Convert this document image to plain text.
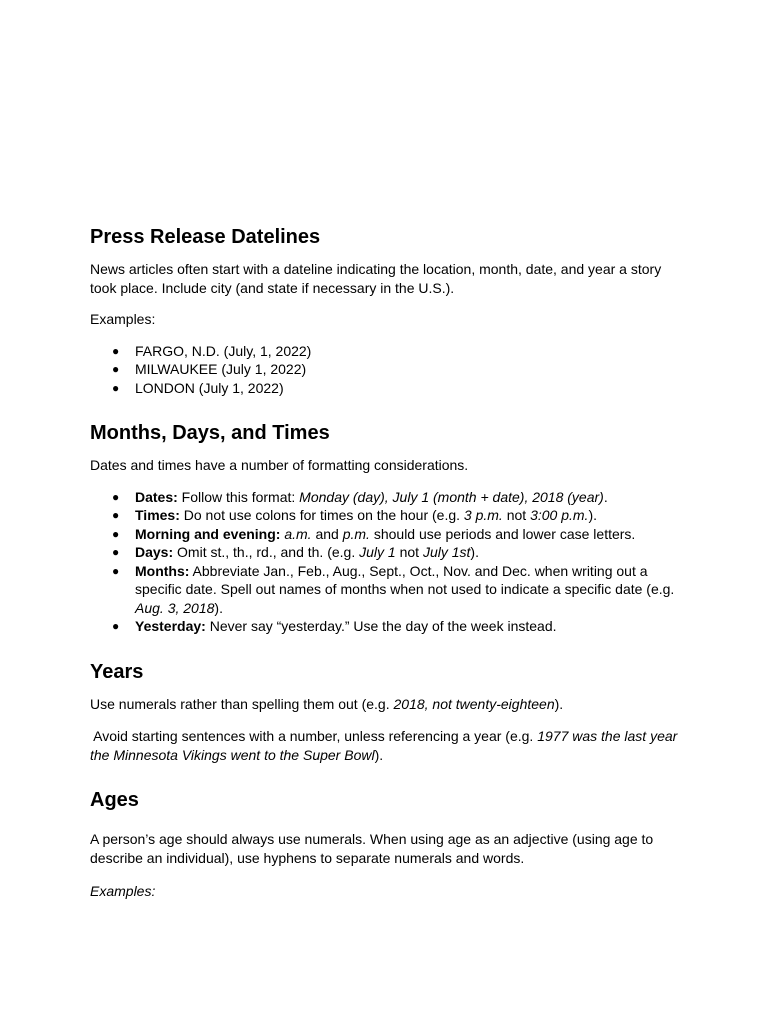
Press Release Datelines

News articles often start with a dateline indicating the location, month, date, and year a story took place. Include city (and state if necessary in the U.S.).

Examples:

● FARGO, N.D. (July, 1, 2022)
● MILWAUKEE (July 1, 2022)
● LONDON (July 1, 2022)
Months, Days, and Times

Dates and times have a number of formatting considerations.

● Dates: Follow this format: Monday (day), July 1 (month + date), 2018 (year).
● Times: Do not use colons for times on the hour (e.g. 3 p.m. not 3:00 p.m.).
● Morning and evening: a.m. and p.m. should use periods and lower case letters.
● Days: Omit st., th., rd., and th. (e.g. July 1 not July 1st).
● Months: Abbreviate Jan., Feb., Aug., Sept., Oct., Nov. and Dec. when writing out a specific date. Spell out names of months when not used to indicate a specific date (e.g. Aug. 3, 2018).
● Yesterday: Never say “yesterday.” Use the day of the week instead.
Years

Use numerals rather than spelling them out (e.g. 2018, not twenty-eighteen).

Avoid starting sentences with a number, unless referencing a year (e.g. 1977 was the last year the Minnesota Vikings went to the Super Bowl).

Ages

A person’s age should always use numerals. When using age as an adjective (using age to describe an individual), use hyphens to separate numerals and words.

Examples:
